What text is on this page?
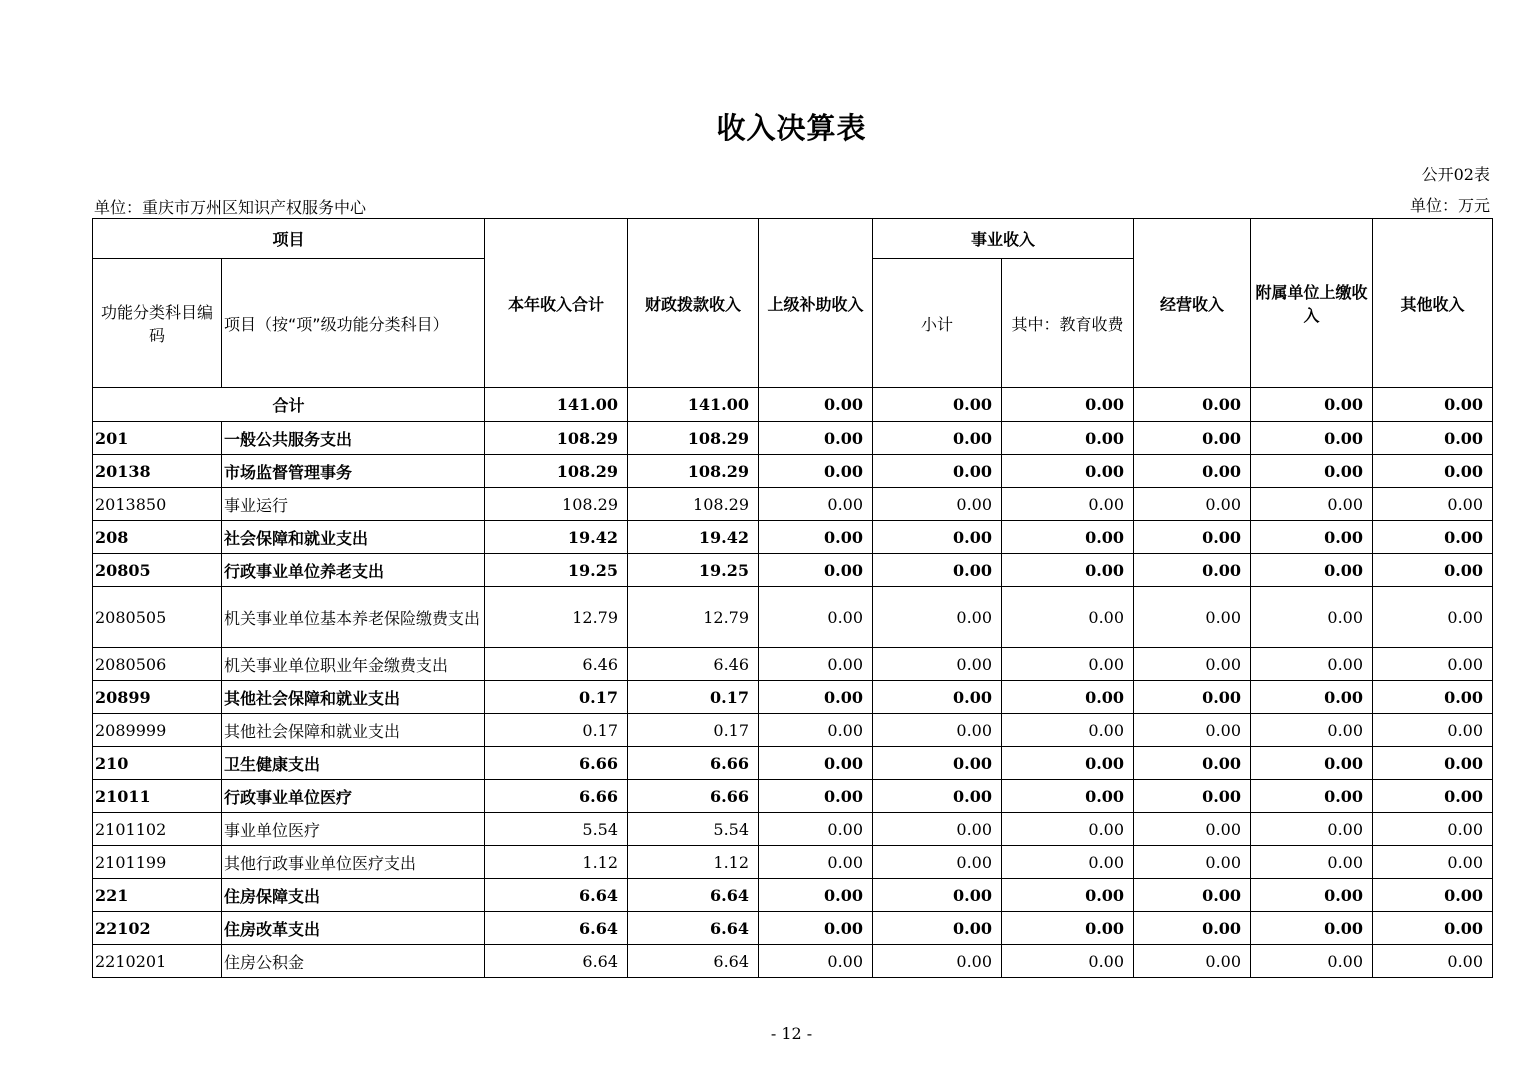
收入决算表
公开02表
单位：重庆市万州区知识产权服务中心	单位：万元
项目		本年收入合计	财政拨款收入	上级补助收入	事业收入		经营收入	附属单位上缴收入	其他收入
功能分类科目编码	项目（按“项”级功能分类科目）				小计	其中：教育收费			
合计		141.00	141.00	0.00	0.00	0.00	0.00	0.00	0.00
201	一般公共服务支出	108.29	108.29	0.00	0.00	0.00	0.00	0.00	0.00
20138	市场监督管理事务	108.29	108.29	0.00	0.00	0.00	0.00	0.00	0.00
2013850	事业运行	108.29	108.29	0.00	0.00	0.00	0.00	0.00	0.00
208	社会保障和就业支出	19.42	19.42	0.00	0.00	0.00	0.00	0.00	0.00
20805	行政事业单位养老支出	19.25	19.25	0.00	0.00	0.00	0.00	0.00	0.00
2080505	机关事业单位基本养老保险缴费支出	12.79	12.79	0.00	0.00	0.00	0.00	0.00	0.00
2080506	机关事业单位职业年金缴费支出	6.46	6.46	0.00	0.00	0.00	0.00	0.00	0.00
20899	其他社会保障和就业支出	0.17	0.17	0.00	0.00	0.00	0.00	0.00	0.00
2089999	其他社会保障和就业支出	0.17	0.17	0.00	0.00	0.00	0.00	0.00	0.00
210	卫生健康支出	6.66	6.66	0.00	0.00	0.00	0.00	0.00	0.00
21011	行政事业单位医疗	6.66	6.66	0.00	0.00	0.00	0.00	0.00	0.00
2101102	事业单位医疗	5.54	5.54	0.00	0.00	0.00	0.00	0.00	0.00
2101199	其他行政事业单位医疗支出	1.12	1.12	0.00	0.00	0.00	0.00	0.00	0.00
221	住房保障支出	6.64	6.64	0.00	0.00	0.00	0.00	0.00	0.00
22102	住房改革支出	6.64	6.64	0.00	0.00	0.00	0.00	0.00	0.00
2210201	住房公积金	6.64	6.64	0.00	0.00	0.00	0.00	0.00	0.00
- 12 -
